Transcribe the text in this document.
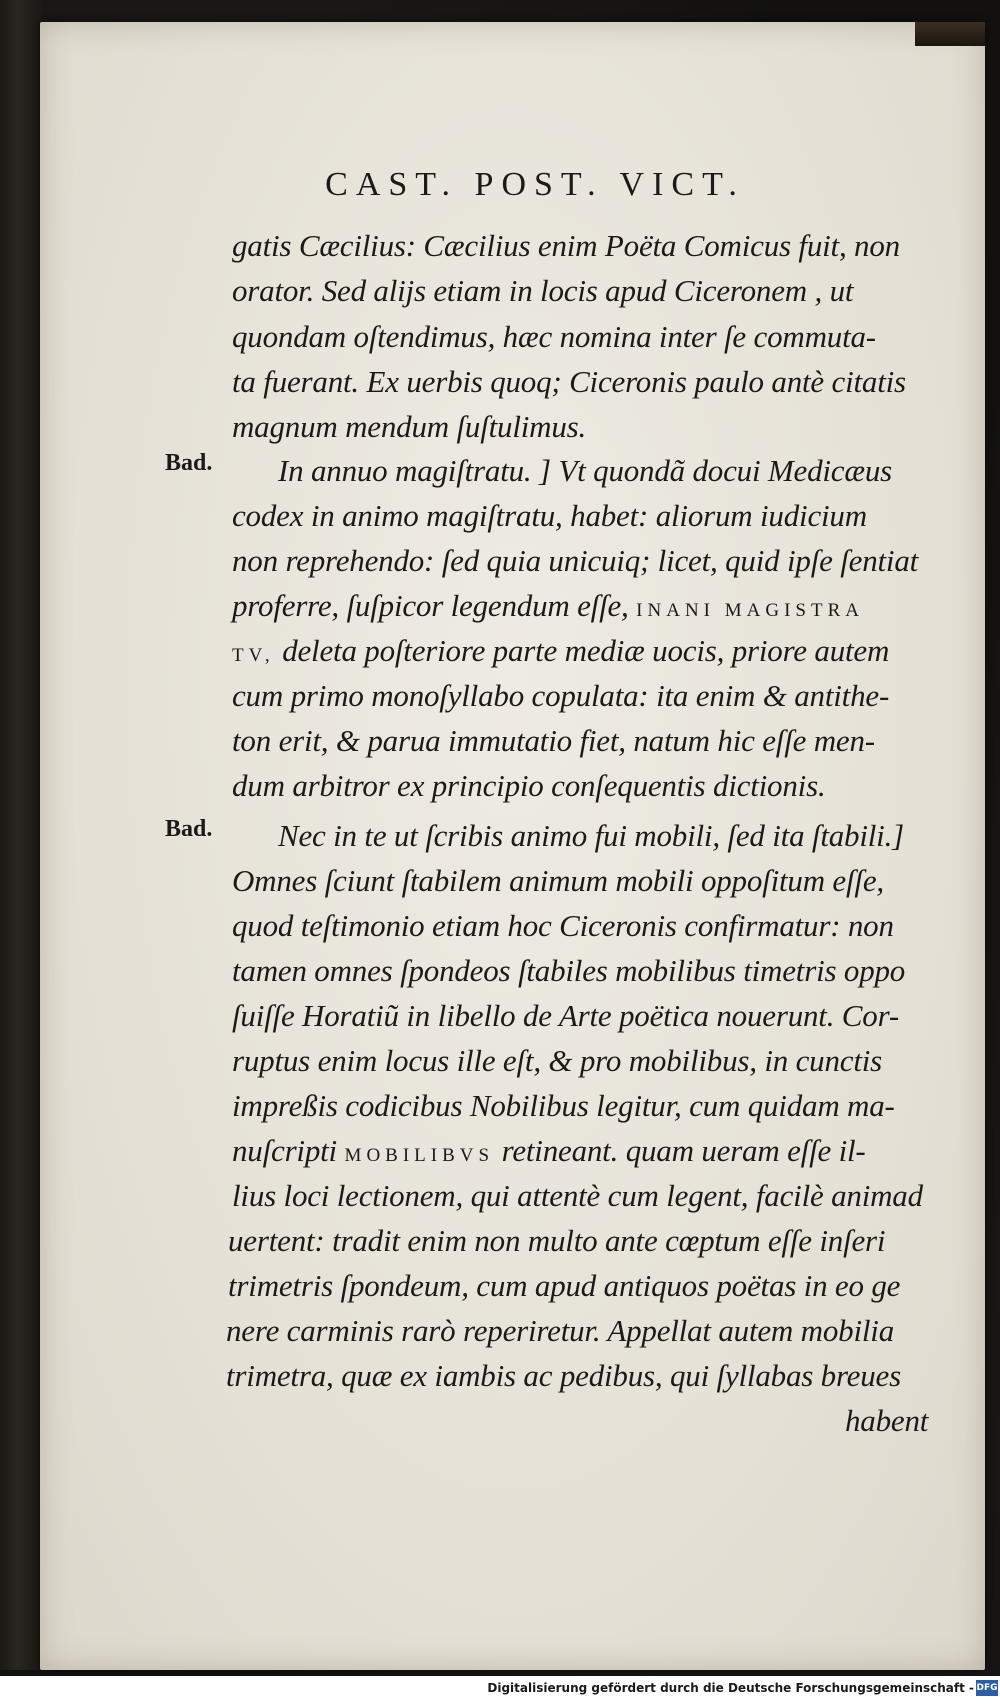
CAST. POST. VICT.
gatis Cæcilius: Cæcilius enim Poëta Comicus fuit, non
orator. Sed alijs etiam in locis apud Ciceronem , ut
quondam oſtendimus, hæc nomina inter ſe commuta-
ta fuerant. Ex uerbis quoq; Ciceronis paulo antè citatis
magnum mendum ſuſtulimus.
Bad. In annuo magiſtratu. ] Vt quondã docui Medicæus
codex in animo magiſtratu, habet: aliorum iudicium
non reprehendo: ſed quia unicuiq; licet, quid ipſe ſentiat
proferre, ſuſpicor legendum eſſe, INANI MAGISTRA
TV, deleta poſteriore parte mediæ uocis, priore autem
cum primo monoſyllabo copulata: ita enim & antithe-
ton erit, & parua immutatio fiet, natum hic eſſe men-
dum arbitror ex principio conſequentis dictionis.
Bad. Nec in te ut ſcribis animo fui mobili, ſed ita ſtabili.]
Omnes ſciunt ſtabilem animum mobili oppoſitum eſſe,
quod teſtimonio etiam hoc Ciceronis confirmatur: non
tamen omnes ſpondeos ſtabiles mobilibus timetris oppo
ſuiſſe Horatiũ in libello de Arte poëtica nouerunt. Cor-
ruptus enim locus ille eſt, & pro mobilibus, in cunctis
impreßis codicibus Nobilibus legitur, cum quidam ma-
nuſcripti MOBILIBVS retineant. quam ueram eſſe il-
lius loci lectionem, qui attentè cum legent, facilè animad
uertent: tradit enim non multo ante cœptum eſſe inſeri
trimetris ſpondeum, cum apud antiquos poëtas in eo ge
nere carminis rarò reperiretur. Appellat autem mobilia
trimetra, quæ ex iambis ac pedibus, qui ſyllabas breues
habent
Digitalisierung gefördert durch die Deutsche Forschungsgemeinschaft - DFG
